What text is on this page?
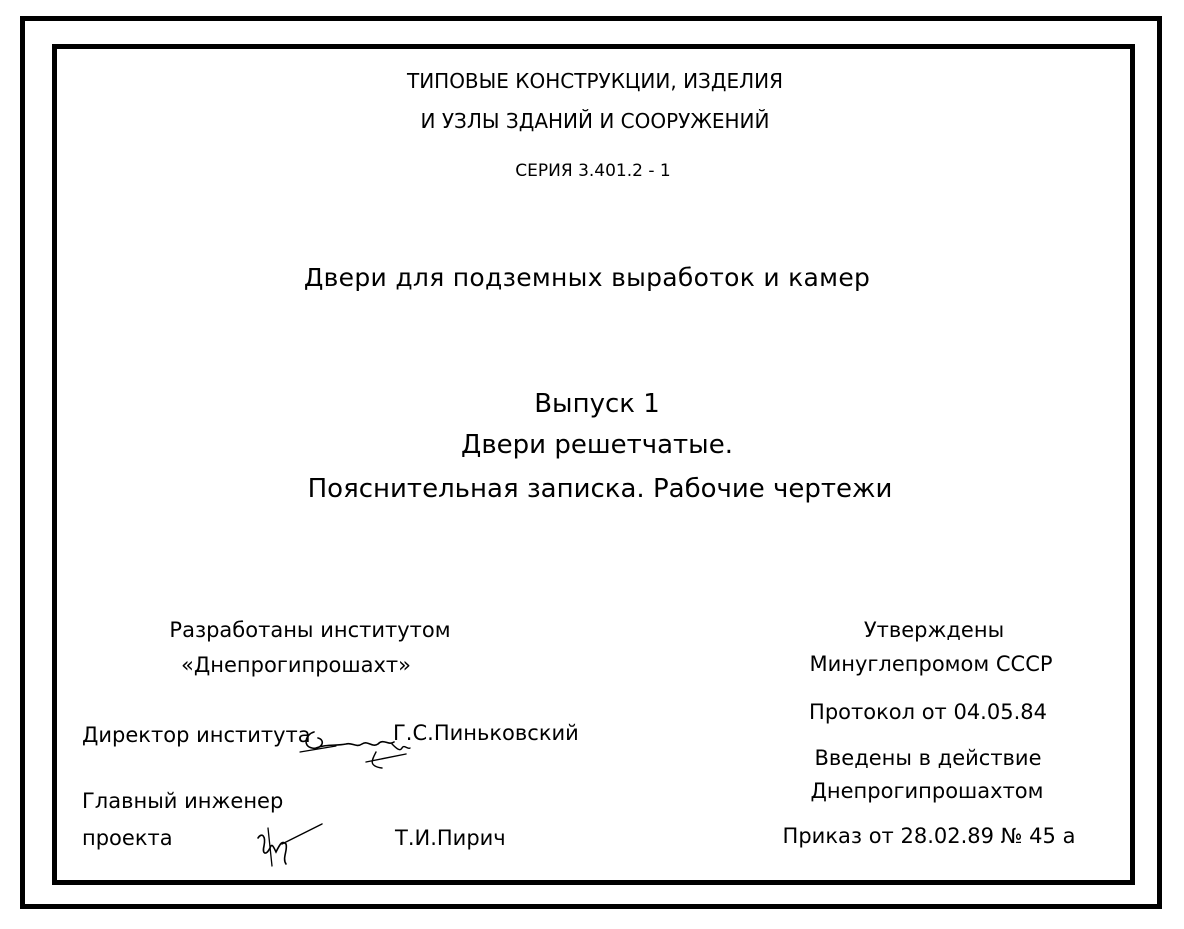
ТИПОВЫЕ КОНСТРУКЦИИ, ИЗДЕЛИЯ
И УЗЛЫ ЗДАНИЙ И СООРУЖЕНИЙ
СЕРИЯ 3.401.2 - 1
Двери для подземных выработок и камер
Выпуск 1
Двери решетчатые.
Пояснительная записка. Рабочие чертежи
Разработаны институтом
«Днепрогипрошахт»
Директор института	Г.С.Пиньковский
Главный инженер
проекта	Т.И.Пирич
Утверждены
Минуглепромом СССР
Протокол от 04.05.84
Введены в действие
Днепрогипрошахтом
Приказ от 28.02.89 № 45 а
